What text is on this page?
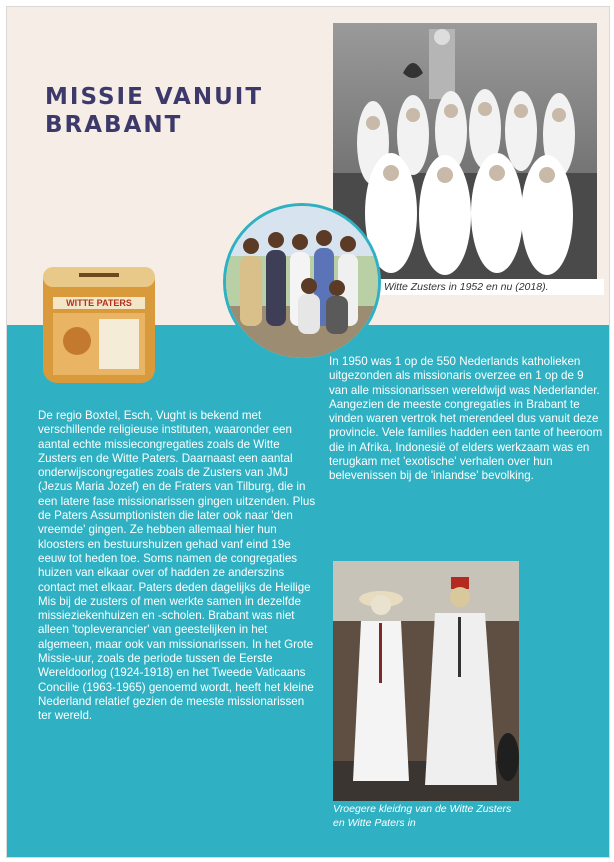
MISSIE VANUIT BRABANT
Witte Zusters in 1952 en nu (2018).
WITTE PATERS

De regio Boxtel, Esch, Vught is bekend met verschillende religieuse instituten, waaronder een aantal echte missiecongregaties zoals de Witte Zusters en de Witte Paters. Daarnaast een aantal onderwijscongregaties zoals de Zusters van JMJ (Jezus Maria Jozef) en de Fraters van Tilburg, die in een latere fase missionarissen gingen uitzenden. Plus de Paters Assumptionisten die later ook naar 'den vreemde' gingen. Ze hebben allemaal hier hun kloosters en bestuurshuizen gehad vanf eind 19e eeuw tot heden toe. Soms namen de congregaties huizen van elkaar over of hadden ze anderszins contact met elkaar. Paters deden dagelijks de Heilige Mis bij de zusters of men werkte samen in dezelfde missieziekenhuizen en -scholen. Brabant was niet alleen 'topleverancier' van geestelijken in het algemeen, maar ook van missionarissen. In het Grote Missie-uur, zoals de periode tussen de Eerste Wereldoorlog (1924-1918) en het Tweede Vaticaans Concilie (1963-1965) genoemd wordt, heeft het kleine Nederland relatief gezien de meeste missionarissen ter wereld.

In 1950 was 1 op de 550 Nederlands katholieken uitgezonden als missionaris overzee en 1 op de 9 van alle missionarissen wereldwijd was Nederlander. Aangezien de meeste congregaties in Brabant te vinden waren vertrok het merendeel dus vanuit deze provincie. Vele families hadden een tante of heeroom die in Afrika, Indonesië of elders werkzaam was en terugkam met 'exotische' verhalen over hun belevenissen bij de 'inlandse' bevolking.

Vroegere kleidng van de Witte Zusters en Witte Paters in
